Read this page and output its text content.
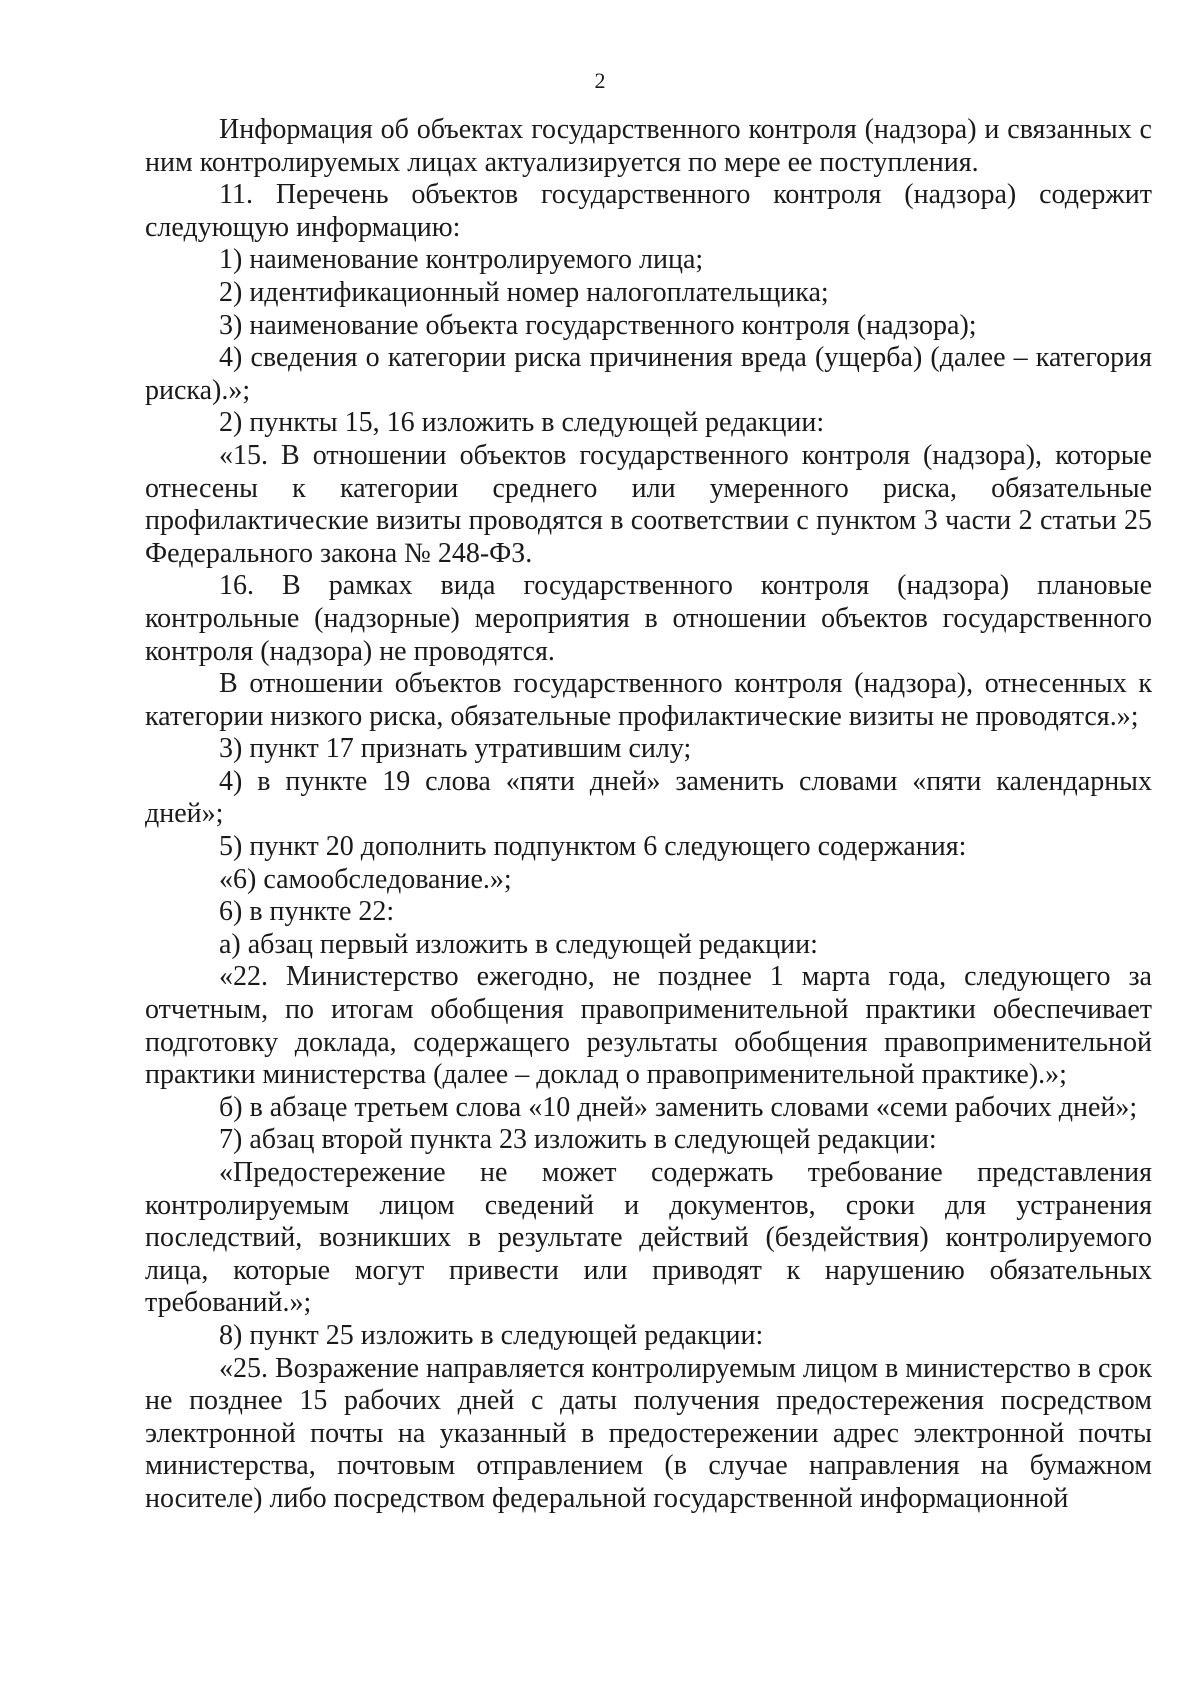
2

Информация об объектах государственного контроля (надзора) и связанных с ним контролируемых лицах актуализируется по мере ее поступления.

11. Перечень объектов государственного контроля (надзора) содержит следующую информацию:

1) наименование контролируемого лица;

2) идентификационный номер налогоплательщика;

3) наименование объекта государственного контроля (надзора);

4) сведения о категории риска причинения вреда (ущерба) (далее – категория риска).»;

2) пункты 15, 16 изложить в следующей редакции:

«15. В отношении объектов государственного контроля (надзора), которые отнесены к категории среднего или умеренного риска, обязательные профилактические визиты проводятся в соответствии с пунктом 3 части 2 статьи 25 Федерального закона № 248-ФЗ.

16. В рамках вида государственного контроля (надзора) плановые контрольные (надзорные) мероприятия в отношении объектов государственного контроля (надзора) не проводятся.

В отношении объектов государственного контроля (надзора), отнесенных к категории низкого риска, обязательные профилактические визиты не проводятся.»;

3) пункт 17 признать утратившим силу;

4) в пункте 19 слова «пяти дней» заменить словами «пяти календарных дней»;

5) пункт 20 дополнить подпунктом 6 следующего содержания:

«6) самообследование.»;

6) в пункте 22:

а) абзац первый изложить в следующей редакции:

«22. Министерство ежегодно, не позднее 1 марта года, следующего за отчетным, по итогам обобщения правоприменительной практики обеспечивает подготовку доклада, содержащего результаты обобщения правоприменительной практики министерства (далее – доклад о правоприменительной практике).»;

б) в абзаце третьем слова «10 дней» заменить словами «семи рабочих дней»;

7) абзац второй пункта 23 изложить в следующей редакции:

«Предостережение не может содержать требование представления контролируемым лицом сведений и документов, сроки для устранения последствий, возникших в результате действий (бездействия) контролируемого лица, которые могут привести или приводят к нарушению обязательных требований.»;

8) пункт 25 изложить в следующей редакции:

«25. Возражение направляется контролируемым лицом в министерство в срок не позднее 15 рабочих дней с даты получения предостережения посредством электронной почты на указанный в предостережении адрес электронной почты министерства, почтовым отправлением (в случае направления на бумажном носителе) либо посредством федеральной государственной информационной
